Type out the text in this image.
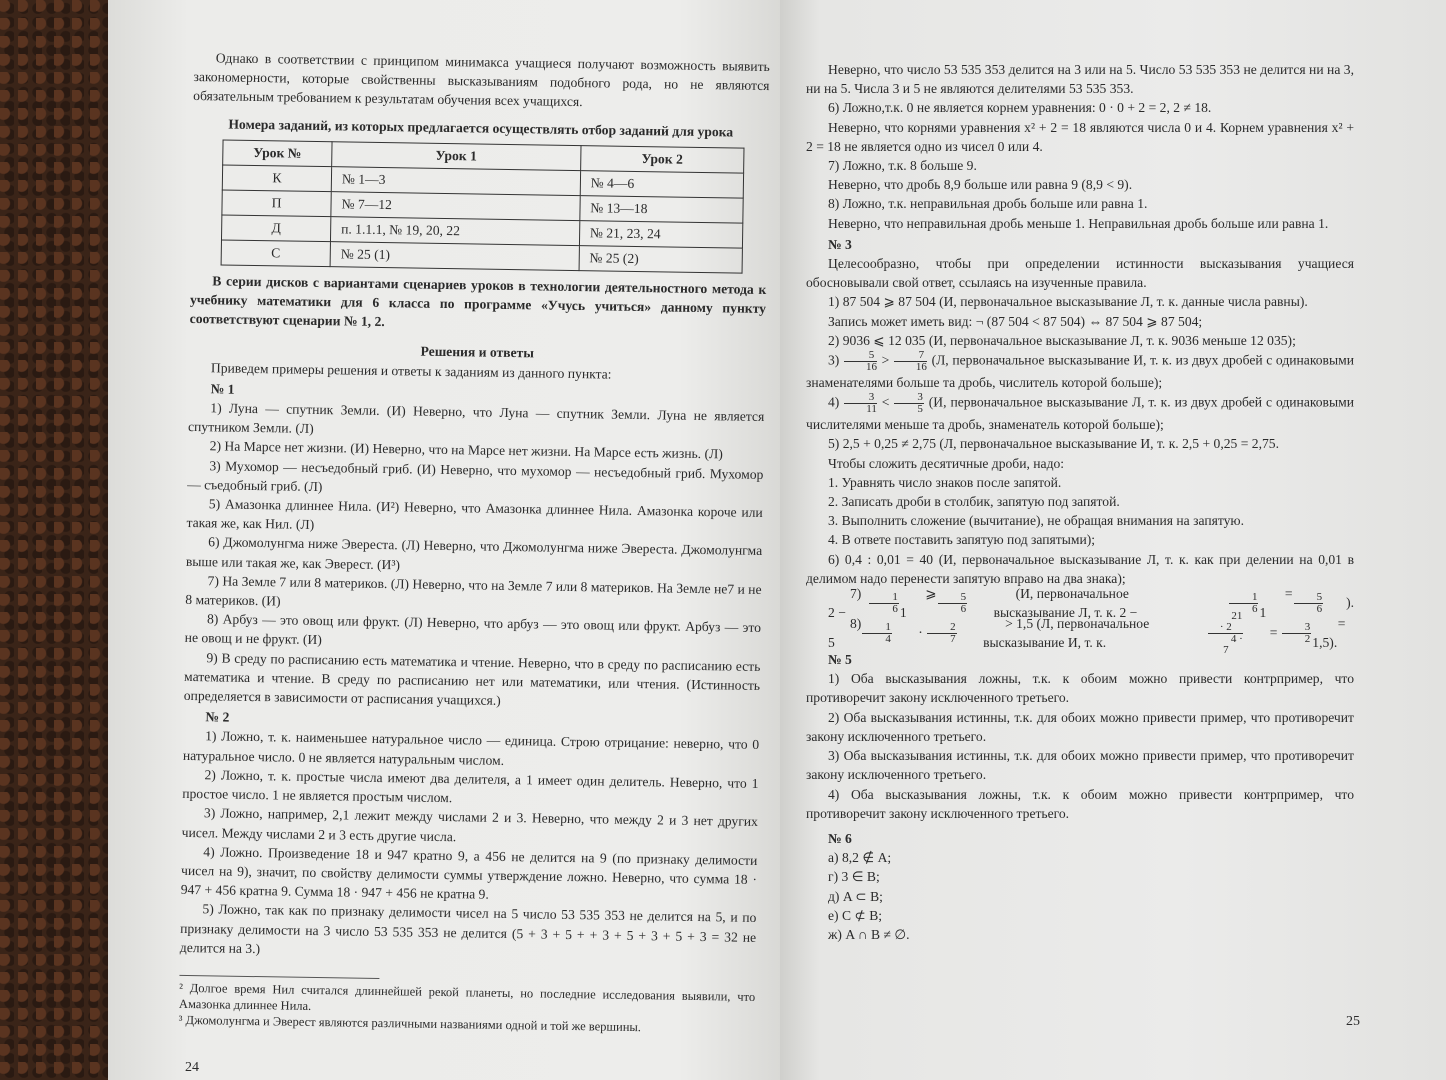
Однако в соответствии с принципом минимакса учащиеся получают возможность выявить закономерности, которые свойственны высказываниям подобного рода, но не являются обязательным требованием к результатам обучения всех учащихся.

Номера заданий, из которых предлагается осуществлять отбор заданий для урока

Урок №	Урок 1	Урок 2
К	№ 1—3	№ 4—6
П	№ 7—12	№ 13—18
Д	п. 1.1.1, № 19, 20, 22	№ 21, 23, 24
С	№ 25 (1)	№ 25 (2)

В серии дисков с вариантами сценариев уроков в технологии деятельностного метода к учебнику математики для 6 класса по программе «Учусь учиться» данному пункту соответствуют сценарии № 1, 2.

Решения и ответы

Приведем примеры решения и ответы к заданиям из данного пункта:

№ 1

1) Луна — спутник Земли. (И) Неверно, что Луна — спутник Земли. Луна не является спутником Земли. (Л)

2) На Марсе нет жизни. (И) Неверно, что на Марсе нет жизни. На Марсе есть жизнь. (Л)

3) Мухомор — несъедобный гриб. (И) Неверно, что мухомор — несъедобный гриб. Мухомор — съедобный гриб. (Л)

5) Амазонка длиннее Нила. (И²) Неверно, что Амазонка длиннее Нила. Амазонка короче или такая же, как Нил. (Л)

6) Джомолунгма ниже Эвереста. (Л) Неверно, что Джомолунгма ниже Эвереста. Джомолунгма выше или такая же, как Эверест. (И³)

7) На Земле 7 или 8 материков. (Л) Неверно, что на Земле 7 или 8 материков. На Земле не7 и не 8 материков. (И)

8) Арбуз — это овощ или фрукт. (Л) Неверно, что арбуз — это овощ или фрукт. Арбуз — это не овощ и не фрукт. (И)

9) В среду по расписанию есть математика и чтение. Неверно, что в среду по расписанию есть математика и чтение. В среду по расписанию нет или математики, или чтения. (Истинность определяется в зависимости от расписания учащихся.)

№ 2

1) Ложно, т. к. наименьшее натуральное число — единица. Строю отрицание: неверно, что 0 натуральное число. 0 не является натуральным числом.

2) Ложно, т. к. простые числа имеют два делителя, а 1 имеет один делитель. Неверно, что 1 простое число. 1 не является простым числом.

3) Ложно, например, 2,1 лежит между числами 2 и 3. Неверно, что между 2 и 3 нет других чисел. Между числами 2 и 3 есть другие числа.

4) Ложно. Произведение 18 и 947 кратно 9, а 456 не делится на 9 (по признаку делимости чисел на 9), значит, по свойству делимости суммы утверждение ложно. Неверно, что сумма 18 · 947 + 456 кратна 9. Сумма 18 · 947 + 456 не кратна 9.

5) Ложно, так как по признаку делимости чисел на 5 число 53 535 353 не делится на 5, и по признаку делимости на 3 число 53 535 353 не делится (5 + 3 + 5 + + 3 + 5 + 3 + 5 + 3 = 32 не делится на 3.)

² Долгое время Нил считался длиннейшей рекой планеты, но последние исследования выявили, что Амазонка длиннее Нила.

³ Джомолунгма и Эверест являются различными названиями одной и той же вершины.

24

Неверно, что число 53 535 353 делится на 3 или на 5. Число 53 535 353 не делится ни на 3, ни на 5. Числа 3 и 5 не являются делителями 53 535 353.

6) Ложно,т.к. 0 не является корнем уравнения: 0 · 0 + 2 = 2, 2 ≠ 18.

Неверно, что корнями уравнения x² + 2 = 18 являются числа 0 и 4. Корнем уравнения x² + 2 = 18 не является одно из чисел 0 или 4.

7) Ложно, т.к. 8 больше 9.

Неверно, что дробь 8,9 больше или равна 9 (8,9 < 9).

8) Ложно, т.к. неправильная дробь больше или равна 1.

Неверно, что неправильная дробь меньше 1. Неправильная дробь больше или равна 1.

№ 3

Целесообразно, чтобы при определении истинности высказывания учащиеся обосновывали свой ответ, ссылаясь на изученные правила.

1) 87 504 ⩾ 87 504 (И, первоначальное высказывание Л, т. к. данные числа равны).

Запись может иметь вид: ¬ (87 504 < 87 504) ⇔ 87 504 ⩾ 87 504;

2) 9036 ⩽ 12 035 (И, первоначальное высказывание Л, т. к. 9036 меньше 12 035);

$3) \frac{5}{16} > \frac{7}{16} (Л$, первоначальное высказывание И, т. к. из двух дробей с одинаковыми знаменателями больше та дробь, числитель которой больше);

$4) \frac{3}{11} < \frac{3}{5} (И$, первоначальное высказывание Л, т. к. из двух дробей с одинаковыми числителями меньше та дробь, знаменатель которой больше);

5) 2,5 + 0,25 ≠ 2,75 (Л, первоначальное высказывание И, т. к. 2,5 + 0,25 = 2,75.

Чтобы сложить десятичные дроби, надо:

1. Уравнять число знаков после запятой.

2. Записать дроби в столбик, запятую под запятой.

3. Выполнить сложение (вычитание), не обращая внимания на запятую.

4. В ответе поставить запятую под запятыми);

6) 0,4 : 0,01 = 40 (И, первоначальное высказывание Л, т. к. как при делении на 0,01 в делимом надо перенести запятую вправо на два знака);

7) 2 −	$\frac{1}{6}$ ⩾ 1	$\frac{5}{6}$
	(И, первоначальное высказывание Л, т. к. 2 −
	$\frac{1}{6} = 1 \frac{5}{6}$ ).
8) 5	$\frac{1}{4} \cdot \frac{2}{7}$
	> 1,5 (Л, первоначальное высказывание И, т. к.
	$\frac{21 \cdot 2}{4 \cdot 7} = \frac{3}{2} = 1,5$).

№ 5

1) Оба высказывания ложны, т.к. к обоим можно привести контрпример, что противоречит закону исключенного третьего.

2) Оба высказывания истинны, т.к. для обоих можно привести пример, что противоречит закону исключенного третьего.

3) Оба высказывания истинны, т.к. для обоих можно привести пример, что противоречит закону исключенного третьего.

4) Оба высказывания ложны, т.к. к обоим можно привести контрпример, что противоречит закону исключенного третьего.

№ 6

а) 8,2 ∉ A;

г) 3 ∈ B;

д) A ⊂ B;

е) C ⊄ B;

ж) A ∩ B ≠ ∅.

25
